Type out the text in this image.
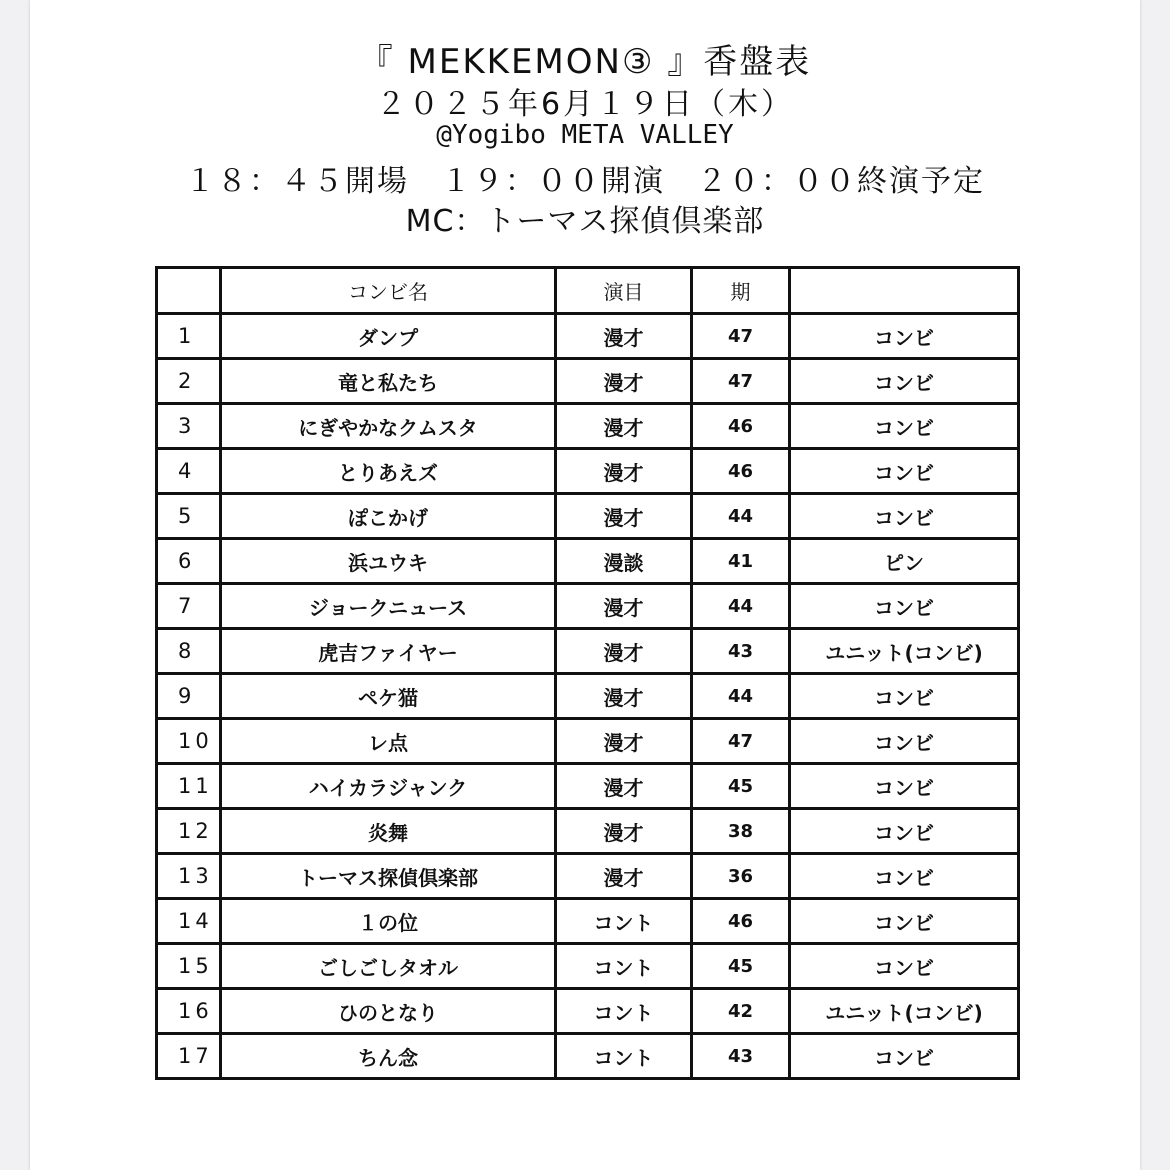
『 MEKKEMON③ 』香盤表
２０２５年6月１９日（木）
@Yogibo META VALLEY
１８：４５開場　１９：００開演　２０：００終演予定
MC：トーマス探偵倶楽部
	コンビ名	演目	期	
1	ダンプ	漫才	47	コンビ
2	竜と私たち	漫才	47	コンビ
3	にぎやかなクムスタ	漫才	46	コンビ
4	とりあえズ	漫才	46	コンビ
5	ぽこかげ	漫才	44	コンビ
6	浜ユウキ	漫談	41	ピン
7	ジョークニュース	漫才	44	コンビ
8	虎吉ファイヤー	漫才	43	ユニット(コンビ)
9	ペケ猫	漫才	44	コンビ
10	レ点	漫才	47	コンビ
11	ハイカラジャンク	漫才	45	コンビ
12	炎舞	漫才	38	コンビ
13	トーマス探偵倶楽部	漫才	36	コンビ
14	１の位	コント	46	コンビ
15	ごしごしタオル	コント	45	コンビ
16	ひのとなり	コント	42	ユニット(コンビ)
17	ちん念	コント	43	コンビ
